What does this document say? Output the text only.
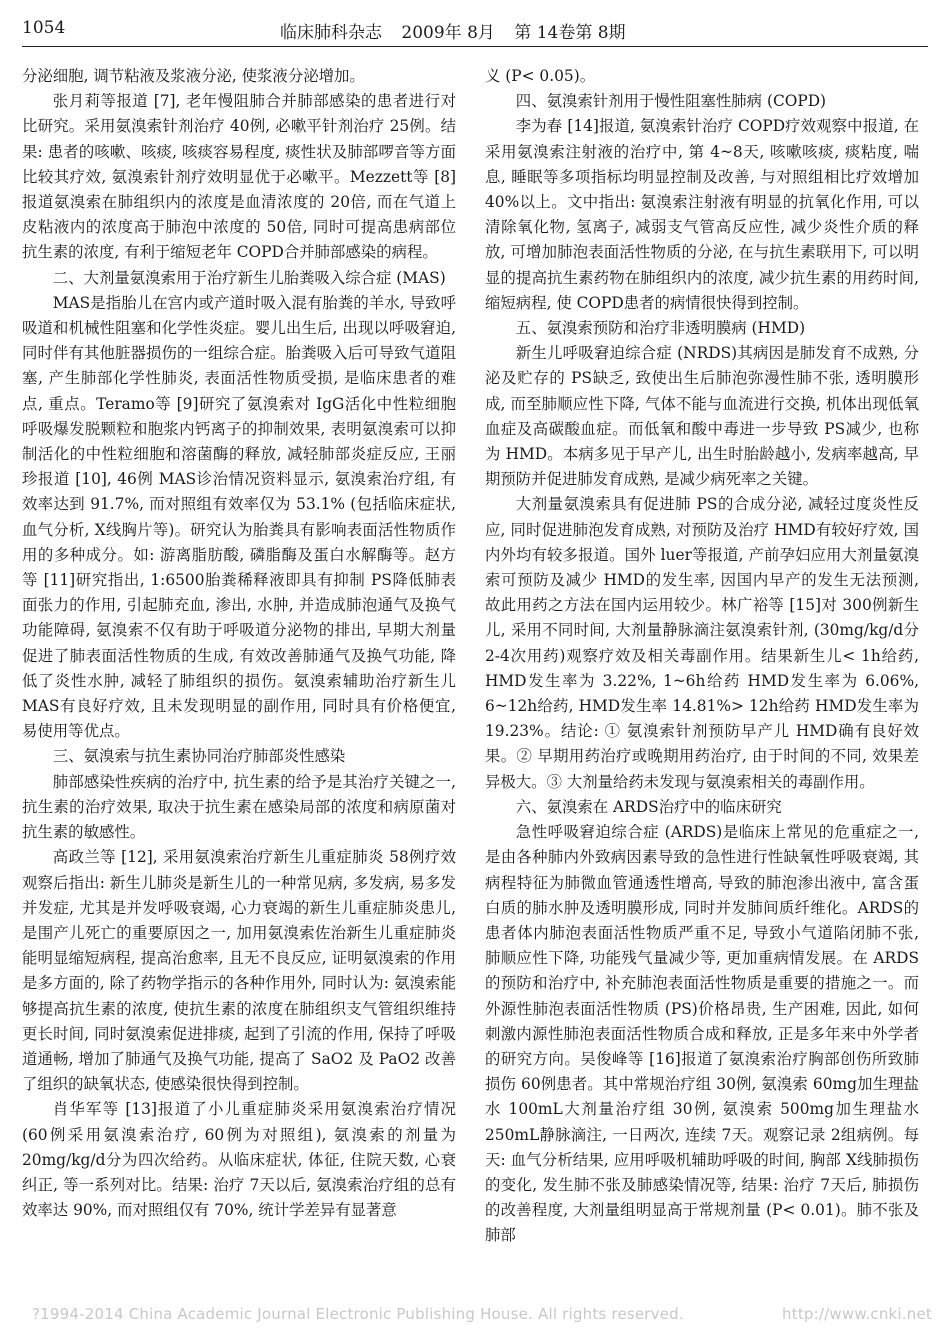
1054	临床肺科杂志 2009年 8月 第 14卷第 8期

分泌细胞, 调节粘液及浆液分泌, 使浆液分泌增加。

张月莉等报道 [7], 老年慢阻肺合并肺部感染的患者进行对比研究。采用氨溴索针剂治疗 40例, 必嗽平针剂治疗 25例。结果: 患者的咳嗽、咳痰, 咳痰容易程度, 痰性状及肺部啰音等方面比较其疗效, 氨溴索针剂疗效明显优于必嗽平。Mezzett等 [8]报道氨溴索在肺组织内的浓度是血清浓度的 20倍, 而在气道上皮粘液内的浓度高于肺泡中浓度的 50倍, 同时可提高患病部位抗生素的浓度, 有利于缩短老年 COPD合并肺部感染的病程。

二、大剂量氨溴索用于治疗新生儿胎粪吸入综合症 (MAS)

MAS是指胎儿在宫内或产道时吸入混有胎粪的羊水, 导致呼吸道和机械性阻塞和化学性炎症。婴儿出生后, 出现以呼吸窘迫, 同时伴有其他脏器损伤的一组综合症。胎粪吸入后可导致气道阻塞, 产生肺部化学性肺炎, 表面活性物质受损, 是临床患者的难点, 重点。Teramo等 [9]研究了氨溴索对 IgG活化中性粒细胞呼吸爆发脱颗粒和胞浆内钙离子的抑制效果, 表明氨溴索可以抑制活化的中性粒细胞和溶菌酶的释放, 减轻肺部炎症反应, 王丽珍报道 [10], 46例 MAS诊治情况资料显示, 氨溴索治疗组, 有效率达到 91.7%, 而对照组有效率仅为 53.1% (包括临床症状, 血气分析, X线胸片等)。研究认为胎粪具有影响表面活性物质作用的多种成分。如: 游离脂肪酸, 磷脂酶及蛋白水解酶等。赵方等 [11]研究指出, 1:6500胎粪稀释液即具有抑制 PS降低肺表面张力的作用, 引起肺充血, 渗出, 水肿, 并造成肺泡通气及换气功能障碍, 氨溴索不仅有助于呼吸道分泌物的排出, 早期大剂量促进了肺表面活性物质的生成, 有效改善肺通气及换气功能, 降低了炎性水肿, 减轻了肺组织的损伤。氨溴索辅助治疗新生儿 MAS有良好疗效, 且未发现明显的副作用, 同时具有价格便宜, 易使用等优点。

三、氨溴索与抗生素协同治疗肺部炎性感染

肺部感染性疾病的治疗中, 抗生素的给予是其治疗关键之一, 抗生素的治疗效果, 取决于抗生素在感染局部的浓度和病原菌对抗生素的敏感性。

高政兰等 [12], 采用氨溴索治疗新生儿重症肺炎 58例疗效观察后指出: 新生儿肺炎是新生儿的一种常见病, 多发病, 易多发并发症, 尤其是并发呼吸衰竭, 心力衰竭的新生儿重症肺炎患儿, 是围产儿死亡的重要原因之一, 加用氨溴索佐治新生儿重症肺炎能明显缩短病程, 提高治愈率, 且无不良反应, 证明氨溴索的作用是多方面的, 除了药物学指示的各种作用外, 同时认为: 氨溴索能够提高抗生素的浓度, 使抗生素的浓度在肺组织支气管组织维持更长时间, 同时氨溴索促进排痰, 起到了引流的作用, 保持了呼吸道通畅, 增加了肺通气及换气功能, 提高了 SaO2 及 PaO2 改善了组织的缺氧状态, 使感染很快得到控制。

肖华军等 [13]报道了小儿重症肺炎采用氨溴索治疗情况 (60例采用氨溴索治疗, 60例为对照组), 氨溴索的剂量为 20mg/kg/d分为四次给药。从临床症状, 体征, 住院天数, 心衰纠正, 等一系列对比。结果: 治疗 7天以后, 氨溴索治疗组的总有效率达 90%, 而对照组仅有 70%, 统计学差异有显著意

义 (P< 0.05)。

四、氨溴索针剂用于慢性阻塞性肺病 (COPD)

李为春 [14]报道, 氨溴索针治疗 COPD疗效观察中报道, 在采用氨溴索注射液的治疗中, 第 4~8天, 咳嗽咳痰, 痰粘度, 喘息, 睡眠等多项指标均明显控制及改善, 与对照组相比疗效增加 40%以上。文中指出: 氨溴索注射液有明显的抗氧化作用, 可以清除氧化物, 氢离子, 减弱支气管高反应性, 减少炎性介质的释放, 可增加肺泡表面活性物质的分泌, 在与抗生素联用下, 可以明显的提高抗生素药物在肺组织内的浓度, 减少抗生素的用药时间, 缩短病程, 使 COPD患者的病情很快得到控制。

五、氨溴索预防和治疗非透明膜病 (HMD)

新生儿呼吸窘迫综合症 (NRDS)其病因是肺发育不成熟, 分泌及贮存的 PS缺乏, 致使出生后肺泡弥漫性肺不张, 透明膜形成, 而至肺顺应性下降, 气体不能与血流进行交换, 机体出现低氧血症及高碳酸血症。而低氧和酸中毒进一步导致 PS减少, 也称为 HMD。本病多见于早产儿, 出生时胎龄越小, 发病率越高, 早期预防并促进肺发育成熟, 是减少病死率之关键。

大剂量氨溴索具有促进肺 PS的合成分泌, 减轻过度炎性反应, 同时促进肺泡发育成熟, 对预防及治疗 HMD有较好疗效, 国内外均有较多报道。国外 luer等报道, 产前孕妇应用大剂量氨溴索可预防及减少 HMD的发生率, 因国内早产的发生无法预测, 故此用药之方法在国内运用较少。林广裕等 [15]对 300例新生儿, 采用不同时间, 大剂量静脉滴注氨溴索针剂, (30mg/kg/d分 2-4次用药)观察疗效及相关毒副作用。结果新生儿< 1h给药, HMD发生率为 3.22%, 1~6h给药 HMD发生率为 6.06%, 6~12h给药, HMD发生率 14.81%> 12h给药 HMD发生率为 19.23%。结论: ① 氨溴索针剂预防早产儿 HMD确有良好效果。② 早期用药治疗或晚期用药治疗, 由于时间的不同, 效果差异极大。③ 大剂量给药未发现与氨溴索相关的毒副作用。

六、氨溴索在 ARDS治疗中的临床研究

急性呼吸窘迫综合症 (ARDS)是临床上常见的危重症之一, 是由各种肺内外致病因素导致的急性进行性缺氧性呼吸衰竭, 其病程特征为肺微血管通透性增高, 导致的肺泡渗出液中, 富含蛋白质的肺水肿及透明膜形成, 同时并发肺间质纤维化。ARDS的患者体内肺泡表面活性物质严重不足, 导致小气道陷闭肺不张, 肺顺应性下降, 功能残气量减少等, 更加重病情发展。在 ARDS的预防和治疗中, 补充肺泡表面活性物质是重要的措施之一。而外源性肺泡表面活性物质 (PS)价格昂贵, 生产困难, 因此, 如何刺激内源性肺泡表面活性物质合成和释放, 正是多年来中外学者的研究方向。吴俊峰等 [16]报道了氨溴索治疗胸部创伤所致肺损伤 60例患者。其中常规治疗组 30例, 氨溴索 60mg加生理盐水 100mL大剂量治疗组 30例, 氨溴索 500mg加生理盐水 250mL静脉滴注, 一日两次, 连续 7天。观察记录 2组病例。每天: 血气分析结果, 应用呼吸机辅助呼吸的时间, 胸部 X线肺损伤的变化, 发生肺不张及肺感染情况等, 结果: 治疗 7天后, 肺损伤的改善程度, 大剂量组明显高于常规剂量 (P< 0.01)。肺不张及肺部

?1994-2014 China Academic Journal Electronic Publishing House. All rights reserved.	http://www.cnki.net
